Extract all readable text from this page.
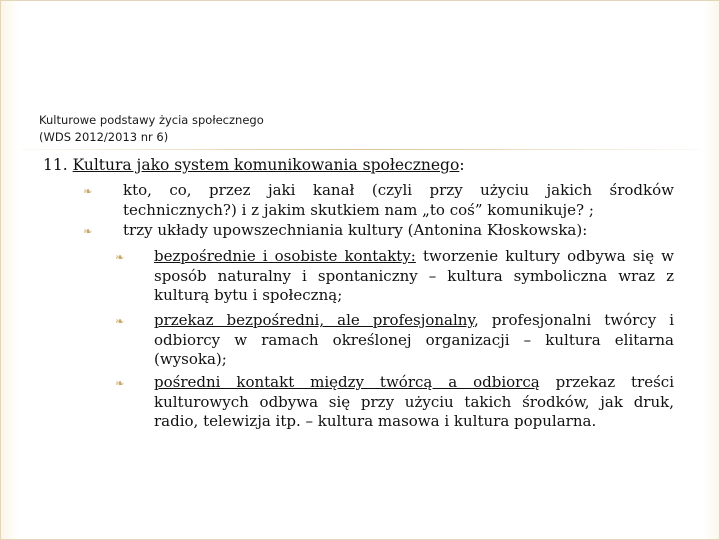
Kulturowe podstawy życia społecznego
(WDS 2012/2013 nr 6)
11. Kultura jako system komunikowania społecznego:
❧ kto, co, przez jaki kanał (czyli przy użyciu jakich środków technicznych?) i z jakim skutkiem nam „to coś” komunikuje? ;
❧ trzy układy upowszechniania kultury (Antonina Kłoskowska):
❧ bezpośrednie i osobiste kontakty: tworzenie kultury odbywa się w sposób naturalny i spontaniczny – kultura symboliczna wraz z kulturą bytu i społeczną;
❧ przekaz bezpośredni, ale profesjonalny, profesjonalni twórcy i odbiorcy w ramach określonej organizacji – kultura elitarna (wysoka);
❧ pośredni kontakt między twórcą a odbiorcą przekaz treści kulturowych odbywa się przy użyciu takich środków, jak druk, radio, telewizja itp. – kultura masowa i kultura popularna.
